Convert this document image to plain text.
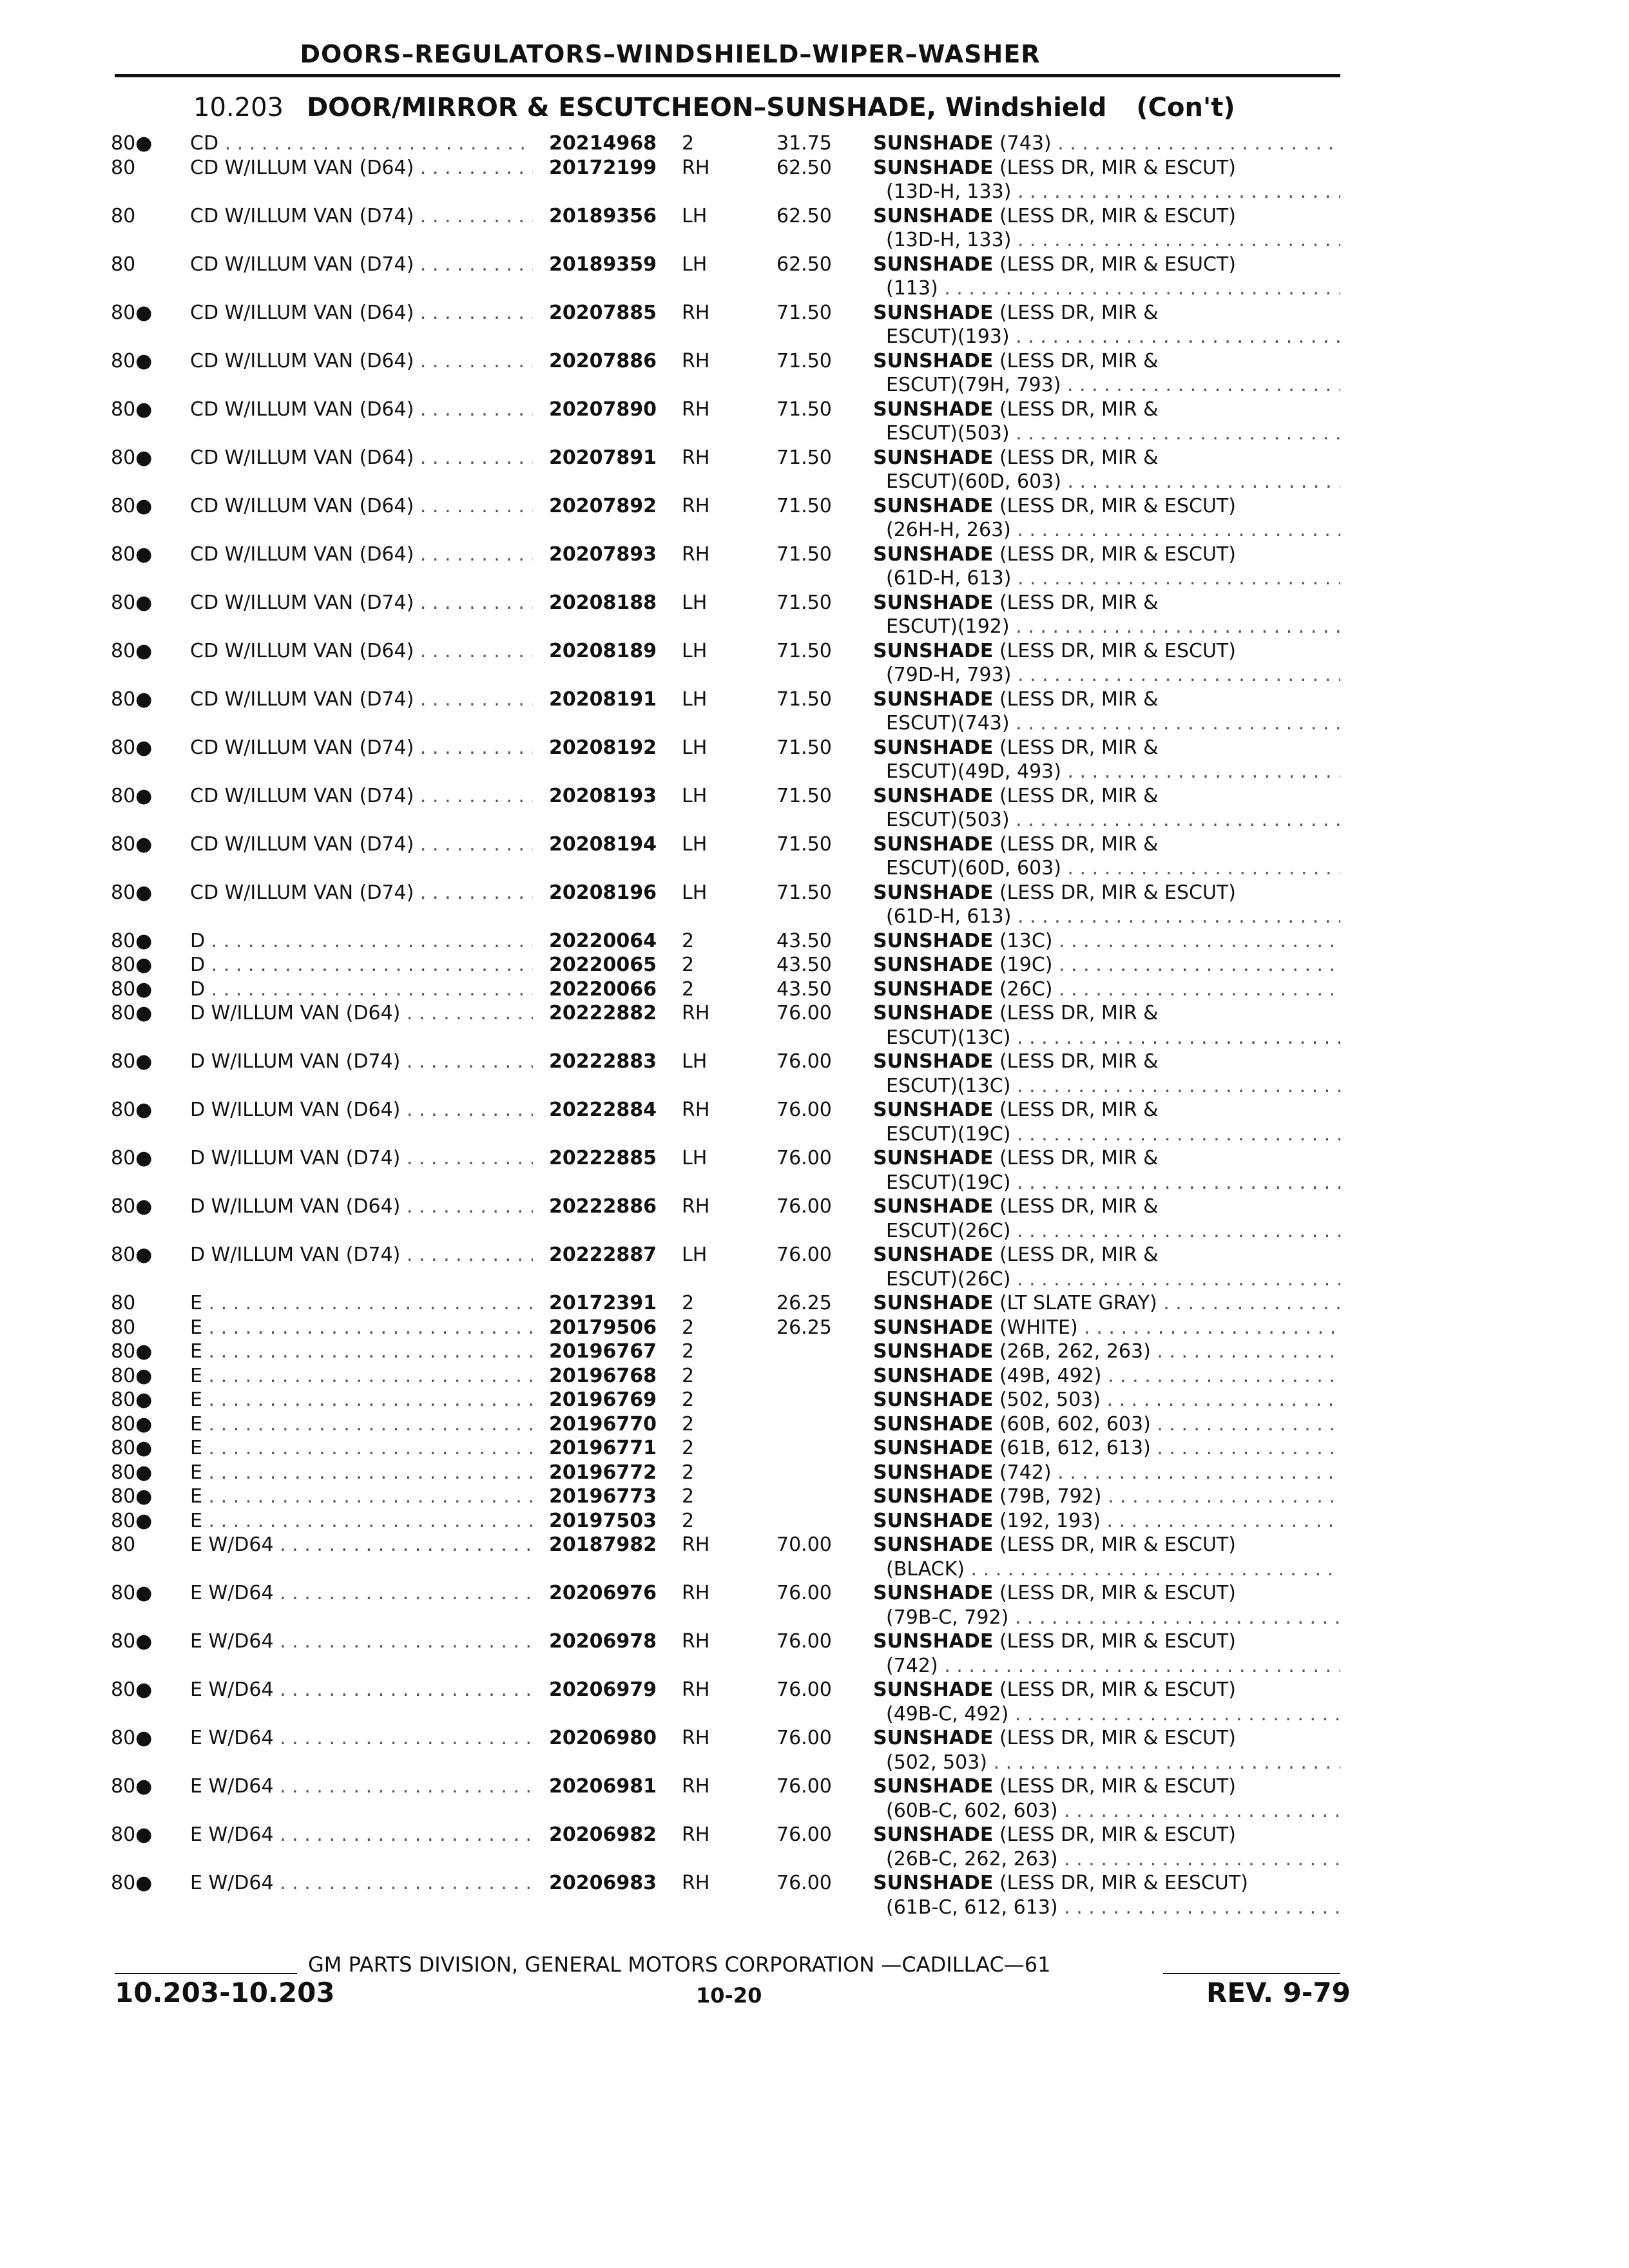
DOORS–REGULATORS–WINDSHIELD–WIPER–WASHER
10.203 DOOR/MIRROR & ESCUTCHEON–SUNSHADE, Windshield (Con't)
80● CD . . .	20214968 2	31.75 SUNSHADE (743) . . .
80	CD W/ILLUM VAN (D64) . . .	20172199 RH	62.50 SUNSHADE (LESS DR, MIR & ESCUT)
(13D-H, 133) . . .
80	CD W/ILLUM VAN (D74) . . .	20189356 LH	62.50 SUNSHADE (LESS DR, MIR & ESCUT)
(13D-H, 133) . . .
80	CD W/ILLUM VAN (D74) . . .	20189359 LH	62.50 SUNSHADE (LESS DR, MIR & ESUCT)
(113) . . .
80● CD W/ILLUM VAN (D64) . . .	20207885 RH	71.50 SUNSHADE (LESS DR, MIR &
ESCUT)(193) . . .
80● CD W/ILLUM VAN (D64) . . .	20207886 RH	71.50 SUNSHADE (LESS DR, MIR &
ESCUT)(79H, 793) . . .
80● CD W/ILLUM VAN (D64) . . .	20207890 RH	71.50 SUNSHADE (LESS DR, MIR &
ESCUT)(503) . . .
80● CD W/ILLUM VAN (D64) . . .	20207891 RH	71.50 SUNSHADE (LESS DR, MIR &
ESCUT)(60D, 603) . . .
80● CD W/ILLUM VAN (D64) . . .	20207892 RH	71.50 SUNSHADE (LESS DR, MIR & ESCUT)
(26H-H, 263) . . .
80● CD W/ILLUM VAN (D64) . . .	20207893 RH	71.50 SUNSHADE (LESS DR, MIR & ESCUT)
(61D-H, 613) . . .
80● CD W/ILLUM VAN (D74) . . .	20208188 LH	71.50 SUNSHADE (LESS DR, MIR &
ESCUT)(192) . . .
80● CD W/ILLUM VAN (D64) . . .	20208189 LH	71.50 SUNSHADE (LESS DR, MIR & ESCUT)
(79D-H, 793) . . .
80● CD W/ILLUM VAN (D74) . . .	20208191 LH	71.50 SUNSHADE (LESS DR, MIR &
ESCUT)(743) . . .
80● CD W/ILLUM VAN (D74) . . .	20208192 LH	71.50 SUNSHADE (LESS DR, MIR &
ESCUT)(49D, 493) . . .
80● CD W/ILLUM VAN (D74) . . .	20208193 LH	71.50 SUNSHADE (LESS DR, MIR &
ESCUT)(503) . . .
80● CD W/ILLUM VAN (D74) . . .	20208194 LH	71.50 SUNSHADE (LESS DR, MIR &
ESCUT)(60D, 603) . . .
80● CD W/ILLUM VAN (D74) . . .	20208196 LH	71.50 SUNSHADE (LESS DR, MIR & ESCUT)
(61D-H, 613) . . .
80● D . . .	20220064 2	43.50 SUNSHADE (13C) . . .
80● D . . .	20220065 2	43.50 SUNSHADE (19C) . . .
80● D . . .	20220066 2	43.50 SUNSHADE (26C) . . .
80● D W/ILLUM VAN (D64) . . .	20222882 RH	76.00 SUNSHADE (LESS DR, MIR &
ESCUT)(13C) . . .
80● D W/ILLUM VAN (D74) . . .	20222883 LH	76.00 SUNSHADE (LESS DR, MIR &
ESCUT)(13C) . . .
80● D W/ILLUM VAN (D64) . . .	20222884 RH	76.00 SUNSHADE (LESS DR, MIR &
ESCUT)(19C) . . .
80● D W/ILLUM VAN (D74) . . .	20222885 LH	76.00 SUNSHADE (LESS DR, MIR &
ESCUT)(19C) . . .
80● D W/ILLUM VAN (D64) . . .	20222886 RH	76.00 SUNSHADE (LESS DR, MIR &
ESCUT)(26C) . . .
80● D W/ILLUM VAN (D74) . . .	20222887 LH	76.00 SUNSHADE (LESS DR, MIR &
ESCUT)(26C) . . .
80	E . . .	20172391 2	26.25 SUNSHADE (LT SLATE GRAY) . . .
80	E . . .	20179506 2	26.25 SUNSHADE (WHITE) . . .
80● E . . .	20196767 2	SUNSHADE (26B, 262, 263) . . .
80● E . . .	20196768 2	SUNSHADE (49B, 492) . . .
80● E . . .	20196769 2	SUNSHADE (502, 503) . . .
80● E . . .	20196770 2	SUNSHADE (60B, 602, 603) . . .
80● E . . .	20196771 2	SUNSHADE (61B, 612, 613) . . .
80● E . . .	20196772 2	SUNSHADE (742) . . .
80● E . . .	20196773 2	SUNSHADE (79B, 792) . . .
80● E . . .	20197503 2	SUNSHADE (192, 193) . . .
80	E W/D64 . . .	20187982 RH	70.00 SUNSHADE (LESS DR, MIR & ESCUT)
(BLACK) . . .
80● E W/D64 . . .	20206976 RH	76.00 SUNSHADE (LESS DR, MIR & ESCUT)
(79B-C, 792) . . .
80● E W/D64 . . .	20206978 RH	76.00 SUNSHADE (LESS DR, MIR & ESCUT)
(742) . . .
80● E W/D64 . . .	20206979 RH	76.00 SUNSHADE (LESS DR, MIR & ESCUT)
(49B-C, 492) . . .
80● E W/D64 . . .	20206980 RH	76.00 SUNSHADE (LESS DR, MIR & ESCUT)
(502, 503) . . .
80● E W/D64 . . .	20206981 RH	76.00 SUNSHADE (LESS DR, MIR & ESCUT)
(60B-C, 602, 603) . . .
80● E W/D64 . . .	20206982 RH	76.00 SUNSHADE (LESS DR, MIR & ESCUT)
(26B-C, 262, 263) . . .
80● E W/D64 . . .	20206983 RH	76.00 SUNSHADE (LESS DR, MIR & EESCUT)
(61B-C, 612, 613) . . .
GM PARTS DIVISION, GENERAL MOTORS CORPORATION —CADILLAC—61
10.203-10.203	10-20	REV. 9-79
